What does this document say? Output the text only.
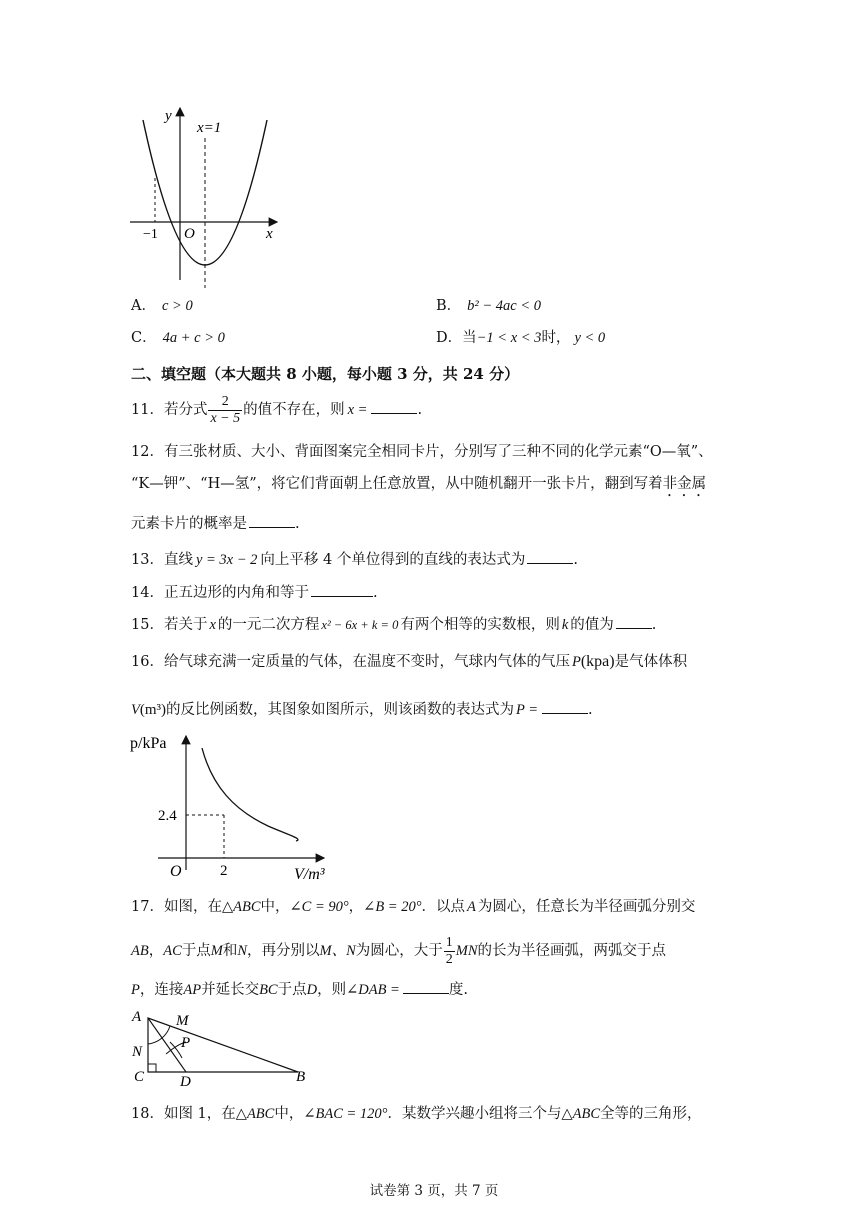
y
x=1
x
−1 O
A． c > 0	B． b² − 4ac < 0
C． 4a + c > 0	D．当−1 < x < 3时， y < 0
二、填空题（本大题共 8 小题，每小题 3 分，共 24 分）
11．若分式 $\frac{2}{x - 5}$ 的值不存在，则 x =	.
12．有三张材质、大小、背面图案完全相同卡片，分别写了三种不同的化学元素“O—氧”、
“K—钾”、“H—氢”，将它们背面朝上任意放置，从中随机翻开一张卡片，翻到写着非金属
元素卡片的概率是	.
13．直线 y = 3x − 2 向上平移 4 个单位得到的直线的表达式为	.
14．正五边形的内角和等于	.
15．若关于 x 的一元二次方程 x² − 6x + k = 0 有两个相等的实数根，则 k 的值为	.
16．给气球充满一定质量的气体，在温度不变时，气球内气体的气压 P(kpa)是气体体积
V(m³)的反比例函数，其图象如图所示，则该函数的表达式为 P =	.
p/kPa
2.4
O	2	V/m³
17．如图，在△ABC中，∠C = 90°，∠B = 20°．以点 A 为圆心，任意长为半径画弧分别交
AB，AC于点M和N，再分别以M、N为圆心，大于 $\frac{1}{2}$ MN的长为半径画弧，两弧交于点
P，连接AP并延长交BC于点D，则∠DAB =	度.
A M
N
P
C D	B
18．如图 1，在△ABC中，∠BAC = 120°．某数学兴趣小组将三个与△ABC全等的三角形，
试卷第 3 页，共 7 页
